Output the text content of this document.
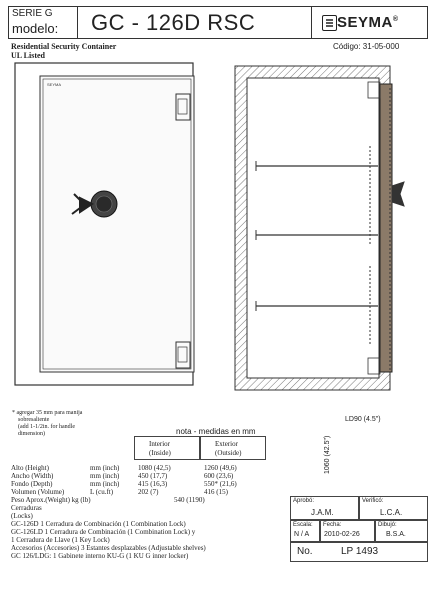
SERIE G
modelo: GC - 126D RSC	SEYMA®
Residential Security Container
UL Listed
Código: 31-05-000
SEYMA
LD90 (4.5")
1060 (42.5")
* agregar 35 mm para manija
sobresaliente
(add 1-1/2in. for handle
dimension)	nota - medidas en mm
Interior
(Inside)
Exterior
(Outside)
Alto (Height)	mm (inch)	1080 (42,5)	1260 (49,6)
Ancho (Width)	mm (inch)	450 (17,7)	600 (23,6)
Fondo (Depth)	mm (inch)	415 (16,3)	550* (21,6)
Volumen (Volume)	L (cu.ft)	202 (7)	416 (15)
Peso Aprox.(Weight) kg (lb)	540 (1190)
Cerraduras
(Locks)
GC-126D 1 Cerradura de Combinación (1 Combination Lock)
GC-126LD 1 Cerradura de Combinación (1 Combination Lock) y
1 Cerradura de Llave (1 Key Lock)
Accesorios (Accesories) 3 Estantes desplazables (Adjustable shelves)
GC 126/LDG: 1 Gabinete interno KU-G (1 KU G inner locker)
Aprobó:
J.A.M.
Verificó:
L.C.A.
Escala:
N / A
Fecha:
2010-02-26
Dibujó:
B.S.A.
No.	LP 1493
